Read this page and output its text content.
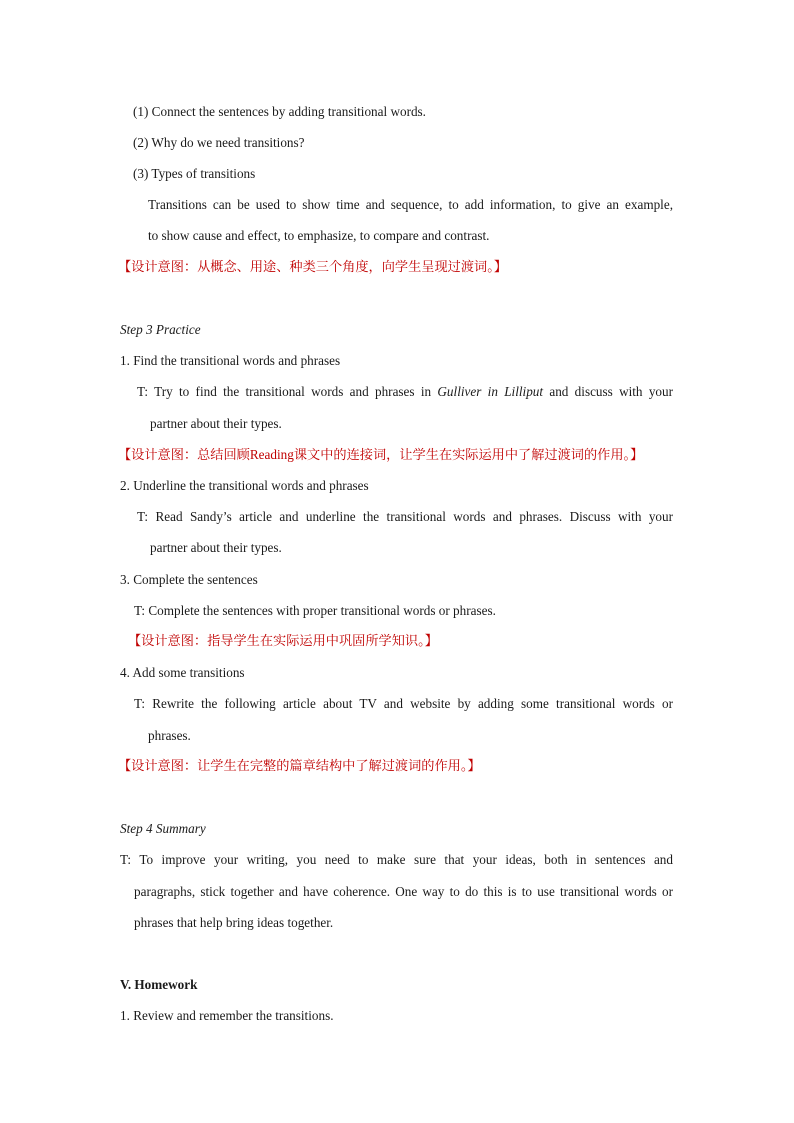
(1) Connect the sentences by adding transitional words.
(2) Why do we need transitions?
(3) Types of transitions
Transitions can be used to show time and sequence, to add information, to give an example,
to show cause and effect, to emphasize, to compare and contrast.
【设计意图：从概念、用途、种类三个角度，向学生呈现过渡词。】
Step 3 Practice
1. Find the transitional words and phrases
T: Try to find the transitional words and phrases in Gulliver in Lilliput and discuss with your
partner about their types.
【设计意图：总结回顾Reading课文中的连接词，让学生在实际运用中了解过渡词的作用。】
2. Underline the transitional words and phrases
T: Read Sandy’s article and underline the transitional words and phrases. Discuss with your
partner about their types.
3. Complete the sentences
T: Complete the sentences with proper transitional words or phrases.
【设计意图：指导学生在实际运用中巩固所学知识。】
4. Add some transitions
T: Rewrite the following article about TV and website by adding some transitional words or
phrases.
【设计意图：让学生在完整的篇章结构中了解过渡词的作用。】
Step 4 Summary
T: To improve your writing, you need to make sure that your ideas, both in sentences and
paragraphs, stick together and have coherence. One way to do this is to use transitional words or
phrases that help bring ideas together.
V. Homework
1. Review and remember the transitions.
